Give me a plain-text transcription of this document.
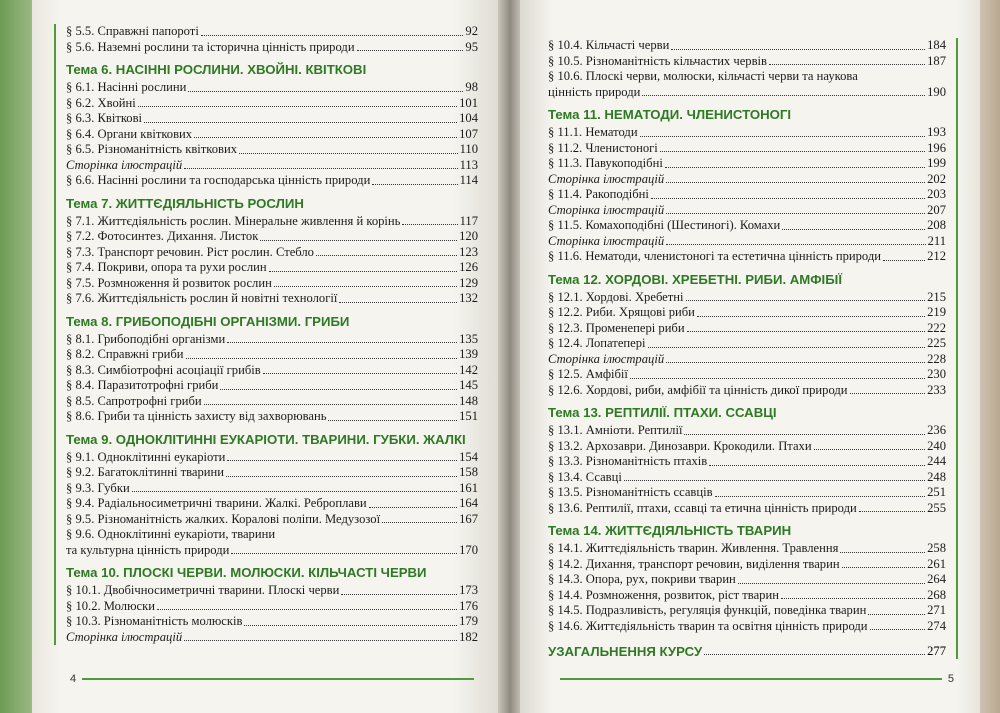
§ 5.5. Справжні папороті	92
§ 5.6. Наземні рослини та історична цінність природи	95
Тема 6. НАСІННІ РОСЛИНИ. ХВОЙНІ. КВІТКОВІ
§ 6.1. Насінні рослини	98
§ 6.2. Хвойні	101
§ 6.3. Квіткові	104
§ 6.4. Органи квіткових	107
§ 6.5. Різноманітність квіткових	110
Сторінка ілюстрацій	113
§ 6.6. Насінні рослини та господарська цінність природи	114
Тема 7. ЖИТТЄДІЯЛЬНІСТЬ РОСЛИН
§ 7.1. Життєдіяльність рослин. Мінеральне живлення й корінь	117
§ 7.2. Фотосинтез. Дихання. Листок	120
§ 7.3. Транспорт речовин. Ріст рослин. Стебло	123
§ 7.4. Покриви, опора та рухи рослин	126
§ 7.5. Розмноження й розвиток рослин	129
§ 7.6. Життєдіяльність рослин й новітні технології	132
Тема 8. ГРИБОПОДІБНІ ОРГАНІЗМИ. ГРИБИ
§ 8.1. Грибоподібні організми	135
§ 8.2. Справжні гриби	139
§ 8.3. Симбіотрофні асоціації грибів	142
§ 8.4. Паразитотрофні гриби	145
§ 8.5. Сапротрофні гриби	148
§ 8.6. Гриби та цінність захисту від захворювань	151
Тема 9. ОДНОКЛІТИННІ ЕУКАРІОТИ. ТВАРИНИ. ГУБКИ. ЖАЛКІ
§ 9.1. Одноклітинні еукаріоти	154
§ 9.2. Багатоклітинні тварини	158
§ 9.3. Губки	161
§ 9.4. Радіальносиметричні тварини. Жалкі. Реброплави	164
§ 9.5. Різноманітність жалких. Коралові поліпи. Медузозої	167
§ 9.6. Одноклітинні еукаріоти, тварини
та культурна цінність природи	170
Тема 10. ПЛОСКІ ЧЕРВИ. МОЛЮСКИ. КІЛЬЧАСТІ ЧЕРВИ
§ 10.1. Двобічносиметричні тварини. Плоскі черви	173
§ 10.2. Молюски	176
§ 10.3. Різноманітність молюсків	179
Сторінка ілюстрацій	182
4
§ 10.4. Кільчасті черви	184
§ 10.5. Різноманітність кільчастих червів	187
§ 10.6. Плоскі черви, молюски, кільчасті черви та наукова
цінність природи	190
Тема 11. НЕМАТОДИ. ЧЛЕНИСТОНОГІ
§ 11.1. Нематоди	193
§ 11.2. Членистоногі	196
§ 11.3. Павукоподібні	199
Сторінка ілюстрацій	202
§ 11.4. Ракоподібні	203
Сторінка ілюстрацій	207
§ 11.5. Комахоподібні (Шестиногі). Комахи	208
Сторінка ілюстрацій	211
§ 11.6. Нематоди, членистоногі та естетична цінність природи	212
Тема 12. ХОРДОВІ. ХРЕБЕТНІ. РИБИ. АМФІБІЇ
§ 12.1. Хордові. Хребетні	215
§ 12.2. Риби. Хрящові риби	219
§ 12.3. Променепері риби	222
§ 12.4. Лопатепері	225
Сторінка ілюстрацій	228
§ 12.5. Амфібії	230
§ 12.6. Хордові, риби, амфібії та цінність дикої природи	233
Тема 13. РЕПТИЛІЇ. ПТАХИ. ССАВЦІ
§ 13.1. Амніоти. Рептилії	236
§ 13.2. Архозаври. Динозаври. Крокодили. Птахи	240
§ 13.3. Різноманітність птахів	244
§ 13.4. Ссавці	248
§ 13.5. Різноманітність ссавців	251
§ 13.6. Рептилії, птахи, ссавці та етична цінність природи	255
Тема 14. ЖИТТЄДІЯЛЬНІСТЬ ТВАРИН
§ 14.1. Життєдіяльність тварин. Живлення. Травлення	258
§ 14.2. Дихання, транспорт речовин, виділення тварин	261
§ 14.3. Опора, рух, покриви тварин	264
§ 14.4. Розмноження, розвиток, ріст тварин	268
§ 14.5. Подразливість, регуляція функцій, поведінка тварин	271
§ 14.6. Життєдіяльність тварин та освітня цінність природи	274
УЗАГАЛЬНЕННЯ КУРСУ	277
5
